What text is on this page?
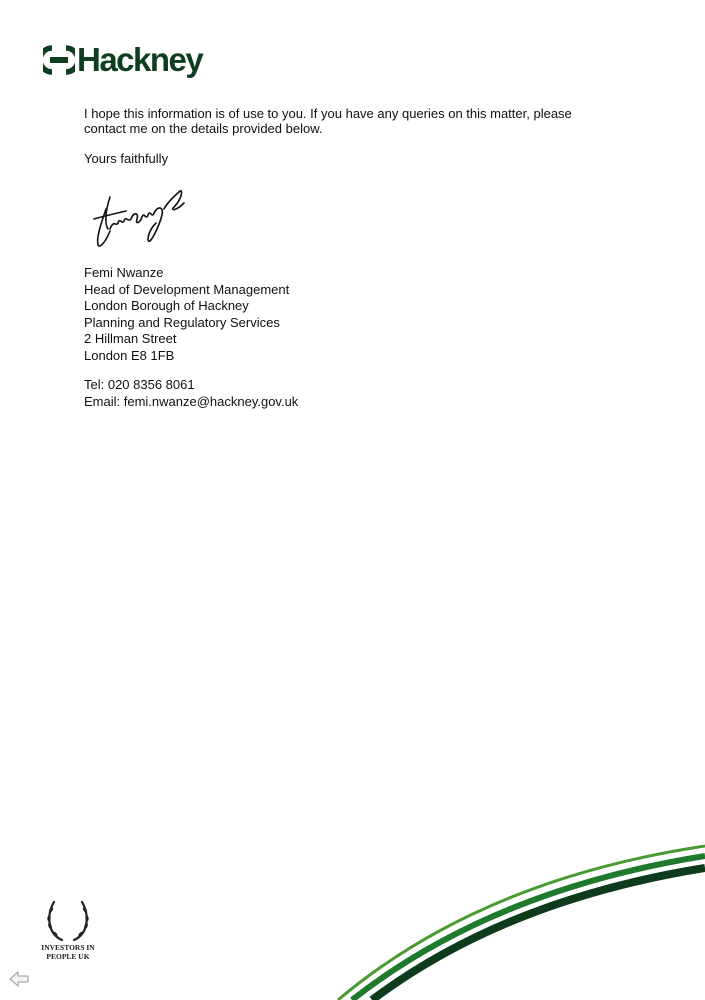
Hackney

I hope this information is of use to you. If you have any queries on this matter, please contact me on the details provided below.

Yours faithfully
Femi Nwanze
Head of Development Management
London Borough of Hackney
Planning and Regulatory Services
2 Hillman Street
London E8 1FB
Tel: 020 8356 8061
Email: femi.nwanze@hackney.gov.uk
INVESTORS IN
PEOPLE UK
